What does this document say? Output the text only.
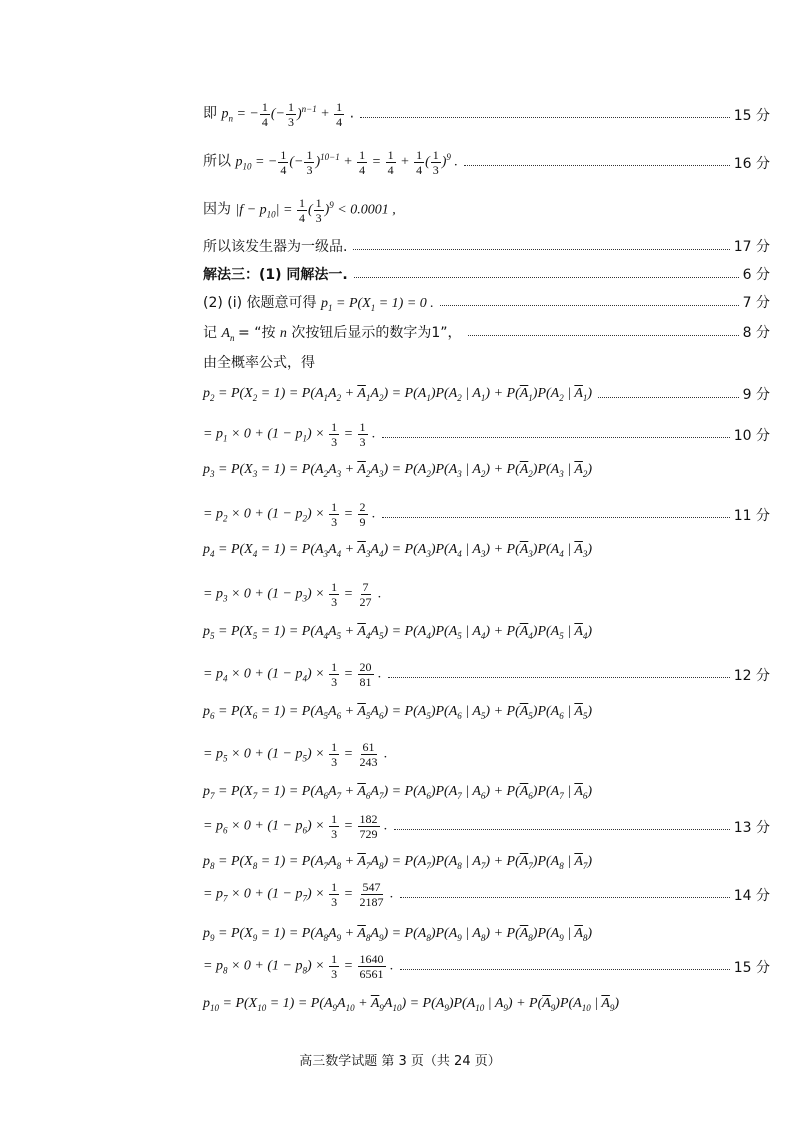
即 $p_n$ = − $\frac{1}{4}$ (− $\frac{1}{3} )^{n-1} + \frac{1}{4}$ .	15 分
所以 $p_{10}$ = − $\frac{1}{4}$ (− $\frac{1}{3} )^{10-1} + \frac{1}{4} = \frac{1}{4} + \frac{1}{4}$ ( $\frac{1}{3} )^9$ .	16 分
因为 $|f - p_{10}| = \frac{1}{4}$ ( $\frac{1}{3} )^9 < 0.0001$ ,
所以该发生器为一级品.	17 分
解法三：(1) 同解法一.	6 分
(2) (i) 依题意可得 $p_1 = P(X_1 = 1) = 0$ .	7 分
记 $A_n$ = “按 n 次按钮后显示的数字为1”，	8 分
由全概率公式，得
$p_2 = P(X_2 = 1) = P(A_1A_2 + \overline{A}_1A_2) = P(A_1)P(A_2$ | $A_1) + P(\overline{A}_1)P(A_2$ | $\overline{A}_1$)	9 分
= $p_1 \times 0 + (1 - p_1) \times \frac{1}{3} = \frac{1}{3}$ .	10 分
$p_3 = P(X_3 = 1) = P(A_2A_3 + \overline{A}_2A_3) = P(A_2)P(A_3$ | $A_2) + P(\overline{A}_2)P(A_3$ | $\overline{A}_2$)
= $p_2 \times 0 + (1 - p_2) \times \frac{1}{3} = \frac{2}{9}$ .	11 分
$p_4 = P(X_4 = 1) = P(A_3A_4 + \overline{A}_3A_4) = P(A_3)P(A_4$ | $A_3) + P(\overline{A}_3)P(A_4$ | $\overline{A}_3$)
= $p_3 \times 0 + (1 - p_3) \times \frac{1}{3} = \frac{7}{27}$ .
$p_5 = P(X_5 = 1) = P(A_4A_5 + \overline{A}_4A_5) = P(A_4)P(A_5$ | $A_4) + P(\overline{A}_4)P(A_5$ | $\overline{A}_4$)
= $p_4 \times 0 + (1 - p_4) \times \frac{1}{3} = \frac{20}{81}$ .	12 分
$p_6 = P(X_6 = 1) = P(A_5A_6 + \overline{A}_5A_6) = P(A_5)P(A_6$ | $A_5) + P(\overline{A}_5)P(A_6$ | $\overline{A}_5$)
= $p_5 \times 0 + (1 - p_5) \times \frac{1}{3} = \frac{61}{243}$ .
$p_7 = P(X_7 = 1) = P(A_6A_7 + \overline{A}_6A_7) = P(A_6)P(A_7$ | $A_6) + P(\overline{A}_6)P(A_7$ | $\overline{A}_6$)
= $p_6 \times 0 + (1 - p_6) \times \frac{1}{3} = \frac{182}{729}$ .	13 分
$p_8 = P(X_8 = 1) = P(A_7A_8 + \overline{A}_7A_8) = P(A_7)P(A_8$ | $A_7) + P(\overline{A}_7)P(A_8$ | $\overline{A}_7$)
= $p_7 \times 0 + (1 - p_7) \times \frac{1}{3} = \frac{547}{2187}$ .	14 分
$p_9 = P(X_9 = 1) = P(A_8A_9 + \overline{A}_8A_9) = P(A_8)P(A_9$ | $A_8) + P(\overline{A}_8)P(A_9$ | $\overline{A}_8$)
= $p_8 \times 0 + (1 - p_8) \times \frac{1}{3} = \frac{1640}{6561}$ .	15 分
$p_{10} = P(X_{10} = 1) = P(A_9A_{10} + \overline{A}_9A_{10}) = P(A_9)P(A_{10}$ | $A_9) + P(\overline{A}_9)P(A_{10}$ | $\overline{A}_9$)
高三数学试题 第 3 页（共 24 页）
